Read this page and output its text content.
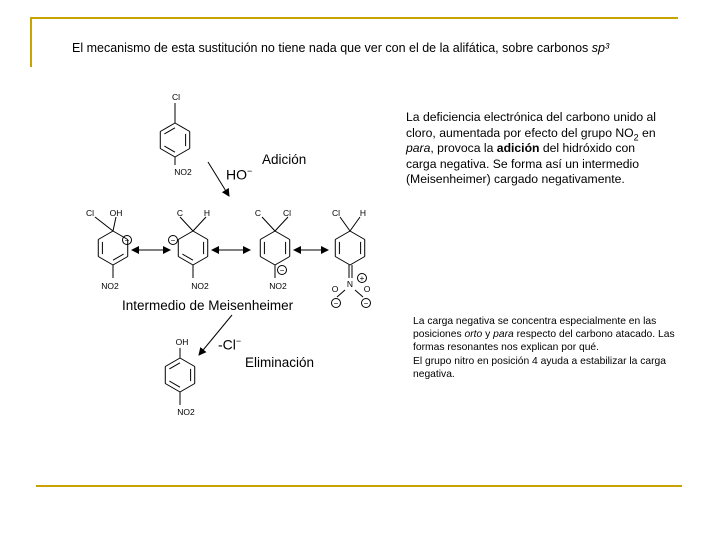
El mecanismo de esta sustitución no tiene nada que ver con el de la alifática, sobre carbonos sp³
Cl
NO2
Cl OH
−
NO2
C H
−
NO2
C	Cl
−
NO2
Cl H
N
+
O	O
−	−
OH
NO2
Adición
HO−
Intermedio de Meisenheimer
-Cl−
Eliminación
La deficiencia electrónica del carbono unido al cloro, aumentada por efecto del grupo $NO_2$ en para, provoca la adición del hidróxido con carga negativa. Se forma así un intermedio (Meisenheimer) cargado negativamente.
La carga negativa se concentra especialmente en las posiciones orto y para respecto del carbono atacado. Las formas resonantes nos explican por qué.
El grupo nitro en posición 4 ayuda a estabilizar la carga negativa.
